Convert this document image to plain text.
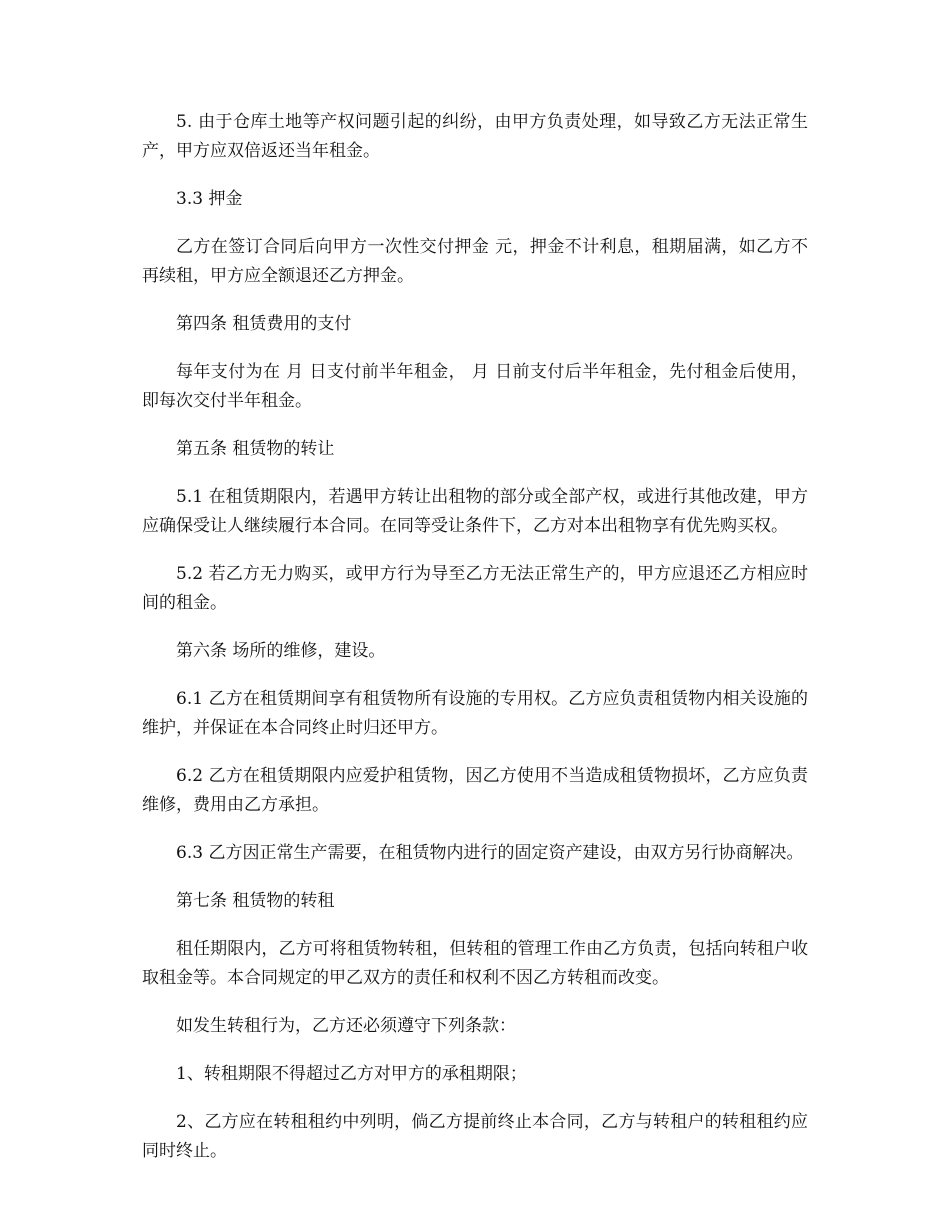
5. 由于仓库土地等产权问题引起的纠纷，由甲方负责处理，如导致乙方无法正常生产，甲方应双倍返还当年租金。

3.3 押金

乙方在签订合同后向甲方一次性交付押金 元，押金不计利息，租期届满，如乙方不再续租，甲方应全额退还乙方押金。

第四条 租赁费用的支付

每年支付为在 月 日支付前半年租金， 月 日前支付后半年租金，先付租金后使用，即每次交付半年租金。

第五条 租赁物的转让

5.1 在租赁期限内，若遇甲方转让出租物的部分或全部产权，或进行其他改建，甲方应确保受让人继续履行本合同。在同等受让条件下，乙方对本出租物享有优先购买权。

5.2 若乙方无力购买，或甲方行为导至乙方无法正常生产的，甲方应退还乙方相应时间的租金。

第六条 场所的维修，建设。

6.1 乙方在租赁期间享有租赁物所有设施的专用权。乙方应负责租赁物内相关设施的维护，并保证在本合同终止时归还甲方。

6.2 乙方在租赁期限内应爱护租赁物，因乙方使用不当造成租赁物损坏，乙方应负责维修，费用由乙方承担。

6.3 乙方因正常生产需要，在租赁物内进行的固定资产建设，由双方另行协商解决。

第七条 租赁物的转租

租任期限内，乙方可将租赁物转租，但转租的管理工作由乙方负责，包括向转租户收取租金等。本合同规定的甲乙双方的责任和权利不因乙方转租而改变。

如发生转租行为，乙方还必须遵守下列条款：

1、转租期限不得超过乙方对甲方的承租期限；

2、乙方应在转租租约中列明，倘乙方提前终止本合同，乙方与转租户的转租租约应同时终止。
